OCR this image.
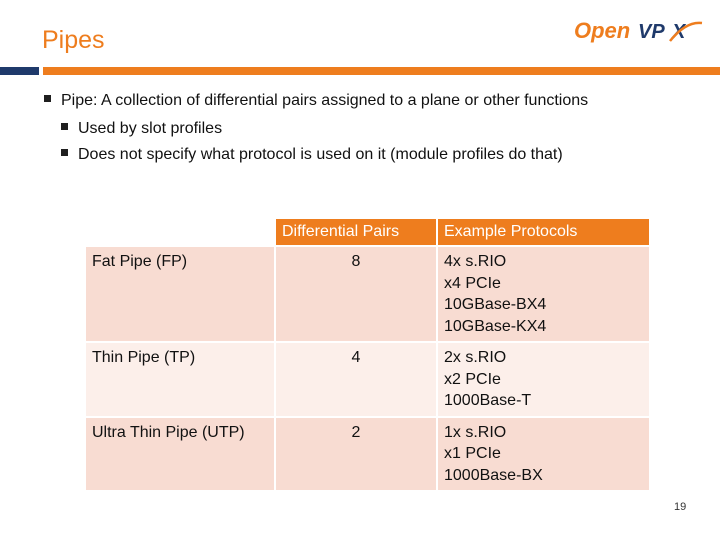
Pipes	Open VP X
Pipe: A collection of differential pairs assigned to a plane or other functions
Used by slot profiles
Does not specify what protocol is used on it (module profiles do that)
	Differential Pairs	Example Protocols
Fat Pipe (FP)	8	4x s.RIO
x4 PCIe
10GBase-BX4
10GBase-KX4

Thin Pipe (TP)	4	2x s.RIO
x2 PCIe
1000Base-T

Ultra Thin Pipe (UTP)	2	1x s.RIO
x1 PCIe
1000Base-BX
19
